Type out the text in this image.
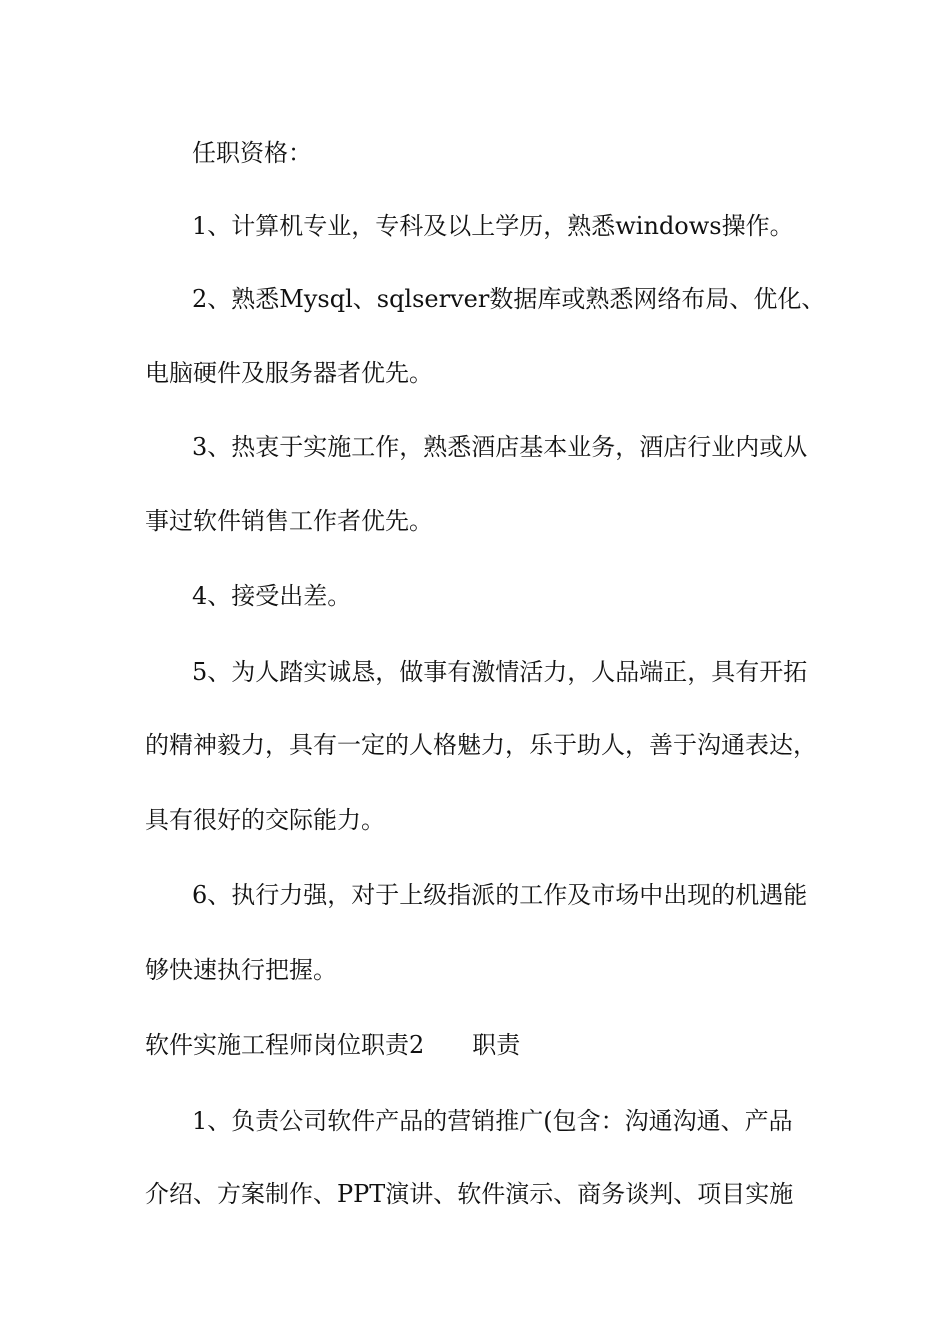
任职资格：

1、计算机专业，专科及以上学历，熟悉windows操作。

2、熟悉Mysql、sqlserver数据库或熟悉网络布局、优化、

电脑硬件及服务器者优先。

3、热衷于实施工作，熟悉酒店基本业务，酒店行业内或从

事过软件销售工作者优先。

4、接受出差。

5、为人踏实诚恳，做事有激情活力，人品端正，具有开拓

的精神毅力，具有一定的人格魅力，乐于助人，善于沟通表达，

具有很好的交际能力。

6、执行力强，对于上级指派的工作及市场中出现的机遇能

够快速执行把握。

软件实施工程师岗位职责2 职责

1、负责公司软件产品的营销推广(包含：沟通沟通、产品

介绍、方案制作、PPT演讲、软件演示、商务谈判、项目实施
